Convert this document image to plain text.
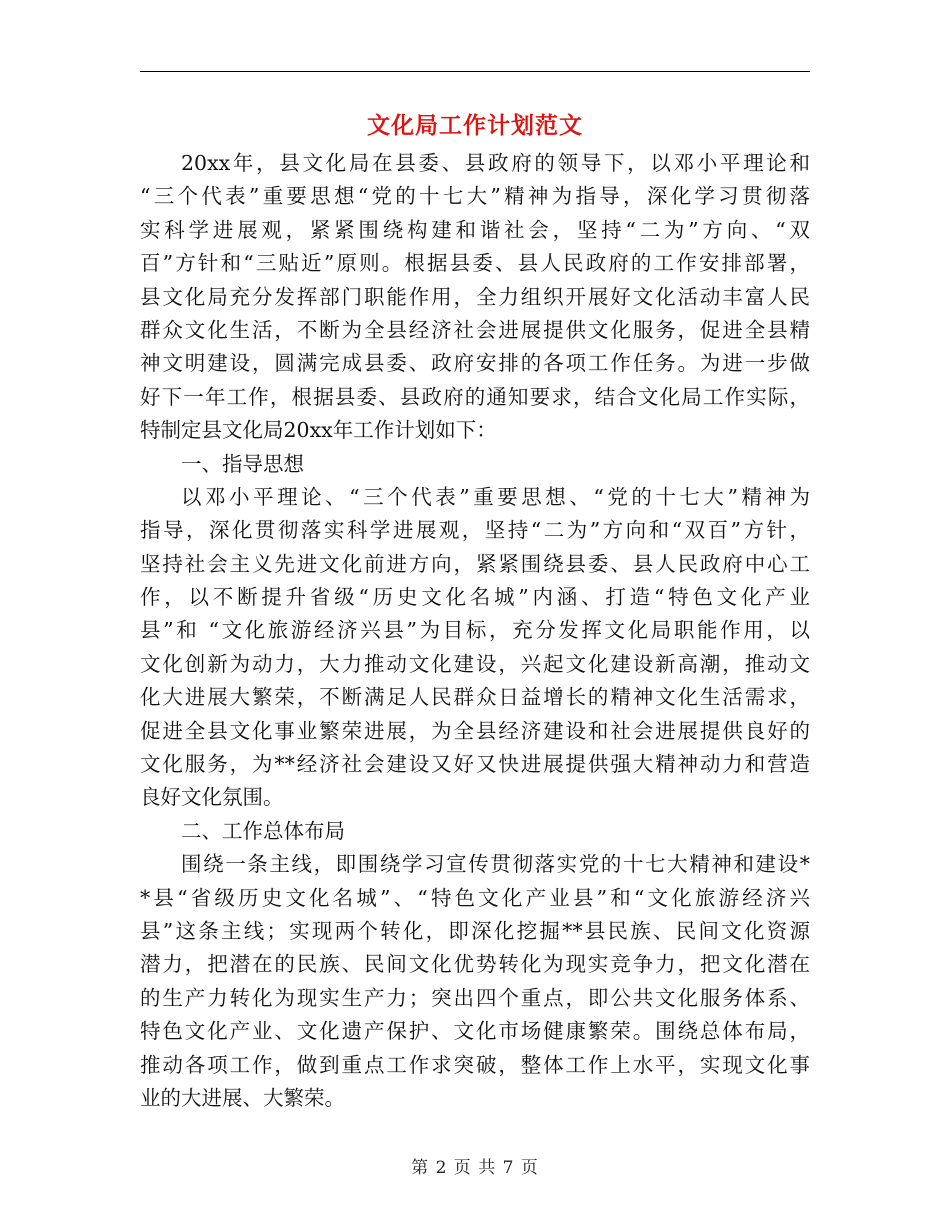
文化局工作计划范文
20xx年，县文化局在县委、县政府的领导下，以邓小平理论和
“三个代表”重要思想“党的十七大”精神为指导，深化学习贯彻落
实科学进展观，紧紧围绕构建和谐社会，坚持“二为”方向、“双
百”方针和“三贴近”原则。根据县委、县人民政府的工作安排部署，
县文化局充分发挥部门职能作用，全力组织开展好文化活动丰富人民
群众文化生活，不断为全县经济社会进展提供文化服务，促进全县精
神文明建设，圆满完成县委、政府安排的各项工作任务。为进一步做
好下一年工作，根据县委、县政府的通知要求，结合文化局工作实际，
特制定县文化局20xx年工作计划如下：
一、指导思想
以邓小平理论、“三个代表”重要思想、“党的十七大”精神为
指导，深化贯彻落实科学进展观，坚持“二为”方向和“双百”方针，
坚持社会主义先进文化前进方向，紧紧围绕县委、县人民政府中心工
作，以不断提升省级“历史文化名城”内涵、打造“特色文化产业
县”和 “文化旅游经济兴县”为目标，充分发挥文化局职能作用，以
文化创新为动力，大力推动文化建设，兴起文化建设新高潮，推动文
化大进展大繁荣，不断满足人民群众日益增长的精神文化生活需求，
促进全县文化事业繁荣进展，为全县经济建设和社会进展提供良好的
文化服务，为**经济社会建设又好又快进展提供强大精神动力和营造
良好文化氛围。
二、工作总体布局
围绕一条主线，即围绕学习宣传贯彻落实党的十七大精神和建设*
*县“省级历史文化名城”、“特色文化产业县”和“文化旅游经济兴
县”这条主线；实现两个转化，即深化挖掘**县民族、民间文化资源
潜力，把潜在的民族、民间文化优势转化为现实竞争力，把文化潜在
的生产力转化为现实生产力；突出四个重点，即公共文化服务体系、
特色文化产业、文化遗产保护、文化市场健康繁荣。围绕总体布局，
推动各项工作，做到重点工作求突破，整体工作上水平，实现文化事
业的大进展、大繁荣。
第 2 页 共 7 页
